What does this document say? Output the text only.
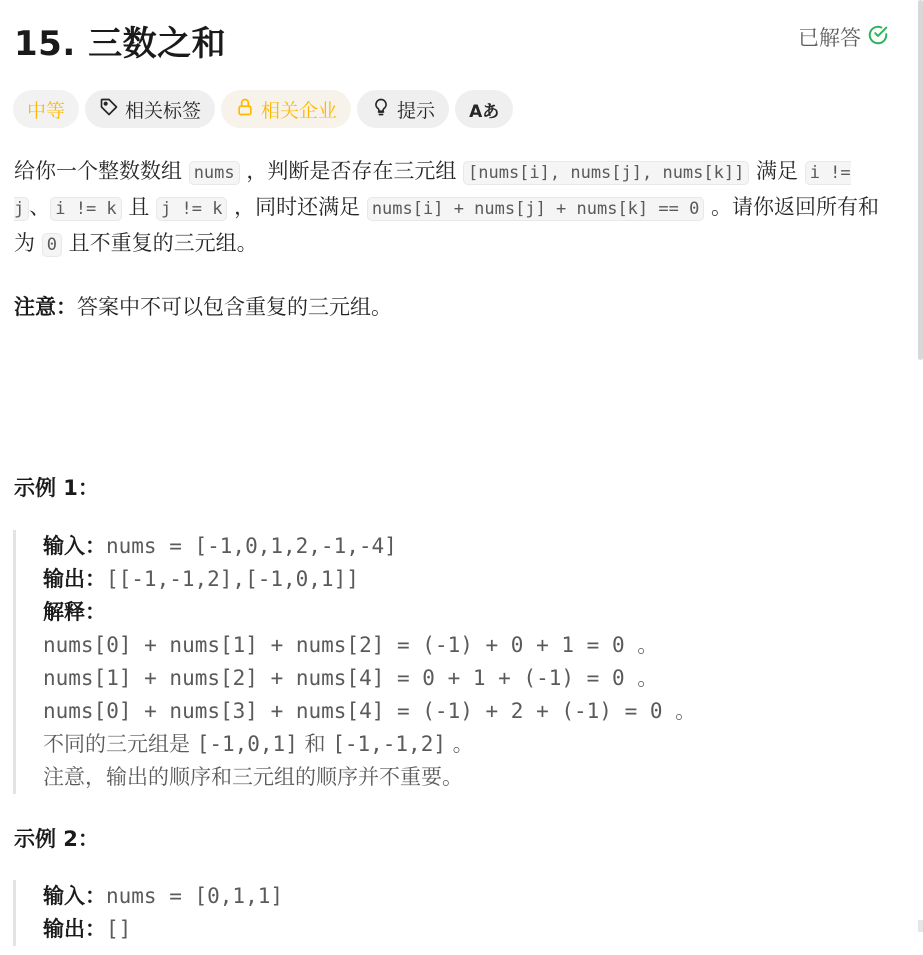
15. 三数之和	已解答
中等	相关标签	相关企业	提示 Aあ

给你一个整数数组 nums ，判断是否存在三元组 [nums[i], nums[j], nums[k]] 满足 i != j 、 i != k 且 j != k ，同时还满足 nums[i] + nums[j] + nums[k] == 0 。请你返回所有和为 0 且不重复的三元组。

注意：答案中不可以包含重复的三元组。

示例 1：
输入：nums = [-1,0,1,2,-1,-4]
输出：[[-1,-1,2],[-1,0,1]]
解释：
nums[0] + nums[1] + nums[2] = (-1) + 0 + 1 = 0 。
nums[1] + nums[2] + nums[4] = 0 + 1 + (-1) = 0 。
nums[0] + nums[3] + nums[4] = (-1) + 2 + (-1) = 0 。
不同的三元组是 [-1,0,1] 和 [-1,-1,2] 。
注意，输出的顺序和三元组的顺序并不重要。
示例 2：
输入：nums = [0,1,1]
输出：[]
